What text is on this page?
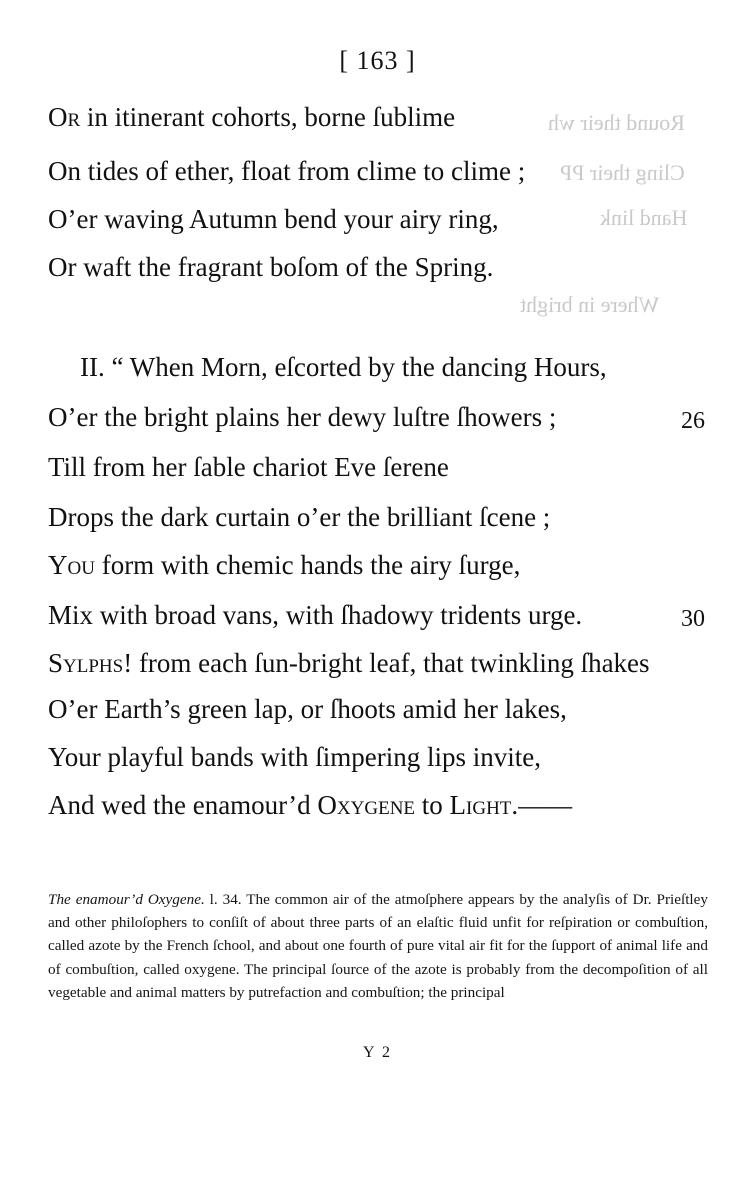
[ 163 ]
Round their wh
Cling their PP
Hand link
Where in bright
Or in itinerant cohorts, borne ſublime
On tides of ether, float from clime to clime ;
O’er waving Autumn bend your airy ring,
Or waft the fragrant boſom of the Spring.
II. “ When Morn, eſcorted by the dancing Hours,
O’er the bright plains her dewy luſtre ſhowers ;	26
Till from her ſable chariot Eve ſerene
Drops the dark curtain o’er the brilliant ſcene ;
You form with chemic hands the airy ſurge,
Mix with broad vans, with ſhadowy tridents urge.	30
Sylphs! from each ſun-bright leaf, that twinkling ſhakes
O’er Earth’s green lap, or ſhoots amid her lakes,
Your playful bands with ſimpering lips invite,
And wed the enamour’d Oxygene to Light.——
The enamour’d Oxygene. l. 34. The common air of the atmoſphere appears by the analyſis of Dr. Prieſtley and other philoſophers to conſiſt of about three parts of an elaſtic fluid unfit for reſpiration or combuſtion, called azote by the French ſchool, and about one fourth of pure vital air fit for the ſupport of animal life and of combuſtion, called oxygene. The principal ſource of the azote is probably from the decompoſition of all vegetable and animal matters by putrefaction and combuſtion; the principal
Y 2
